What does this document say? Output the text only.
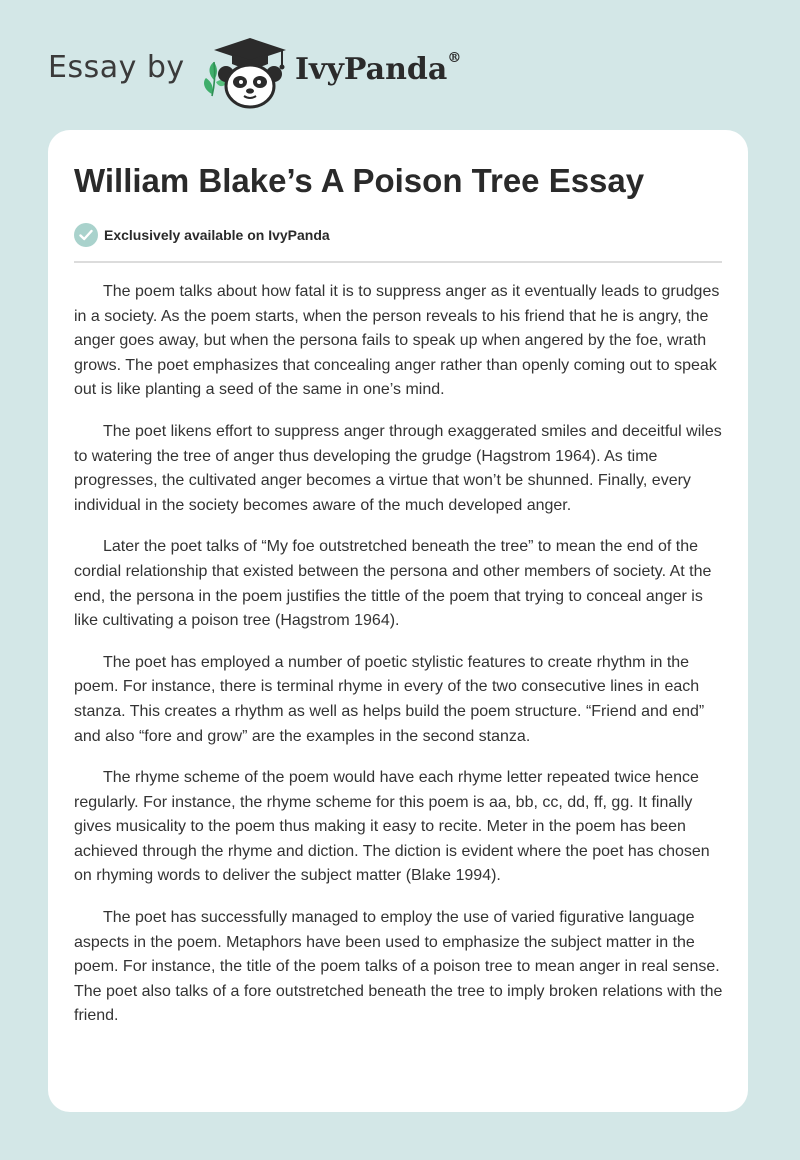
Essay by	IvyPanda®
William Blake’s A Poison Tree Essay
Exclusively available on IvyPanda

The poem talks about how fatal it is to suppress anger as it eventually leads to grudges in a society. As the poem starts, when the person reveals to his friend that he is angry, the anger goes away, but when the persona fails to speak up when angered by the foe, wrath grows. The poet emphasizes that concealing anger rather than openly coming out to speak out is like planting a seed of the same in one’s mind.

The poet likens effort to suppress anger through exaggerated smiles and deceitful wiles to watering the tree of anger thus developing the grudge (Hagstrom 1964). As time progresses, the cultivated anger becomes a virtue that won’t be shunned. Finally, every individual in the society becomes aware of the much developed anger.

Later the poet talks of “My foe outstretched beneath the tree” to mean the end of the cordial relationship that existed between the persona and other members of society. At the end, the persona in the poem justifies the tittle of the poem that trying to conceal anger is like cultivating a poison tree (Hagstrom 1964).

The poet has employed a number of poetic stylistic features to create rhythm in the poem. For instance, there is terminal rhyme in every of the two consecutive lines in each stanza. This creates a rhythm as well as helps build the poem structure. “Friend and end” and also “fore and grow” are the examples in the second stanza.

The rhyme scheme of the poem would have each rhyme letter repeated twice hence regularly. For instance, the rhyme scheme for this poem is aa, bb, cc, dd, ff, gg. It finally gives musicality to the poem thus making it easy to recite. Meter in the poem has been achieved through the rhyme and diction. The diction is evident where the poet has chosen on rhyming words to deliver the subject matter (Blake 1994).

The poet has successfully managed to employ the use of varied figurative language aspects in the poem. Metaphors have been used to emphasize the subject matter in the poem. For instance, the title of the poem talks of a poison tree to mean anger in real sense. The poet also talks of a fore outstretched beneath the tree to imply broken relations with the friend.
